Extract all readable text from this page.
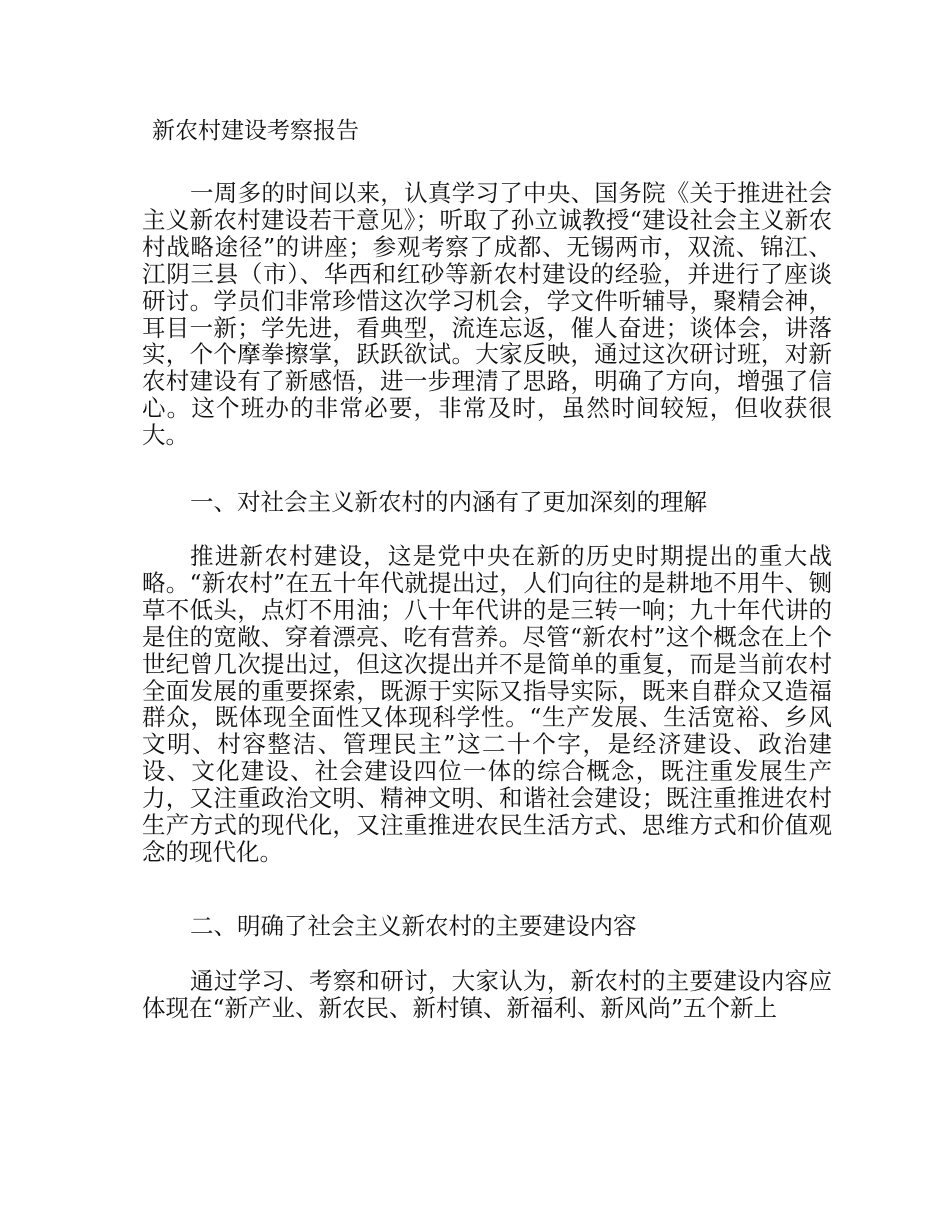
新农村建设考察报告

一周多的时间以来，认真学习了中央、国务院《关于推进社会主义新农村建设若干意见》；听取了孙立诚教授“建设社会主义新农村战略途径”的讲座；参观考察了成都、无锡两市，双流、锦江、江阴三县（市）、华西和红砂等新农村建设的经验，并进行了座谈研讨。学员们非常珍惜这次学习机会，学文件听辅导，聚精会神，耳目一新；学先进，看典型，流连忘返，催人奋进；谈体会，讲落实，个个摩拳擦掌，跃跃欲试。大家反映，通过这次研讨班，对新农村建设有了新感悟，进一步理清了思路，明确了方向，增强了信心。这个班办的非常必要，非常及时，虽然时间较短，但收获很大。

一、对社会主义新农村的内涵有了更加深刻的理解

推进新农村建设，这是党中央在新的历史时期提出的重大战略。“新农村”在五十年代就提出过，人们向往的是耕地不用牛、铡草不低头，点灯不用油；八十年代讲的是三转一响；九十年代讲的是住的宽敞、穿着漂亮、吃有营养。尽管“新农村”这个概念在上个世纪曾几次提出过，但这次提出并不是简单的重复，而是当前农村全面发展的重要探索，既源于实际又指导实际，既来自群众又造福群众，既体现全面性又体现科学性。“生产发展、生活宽裕、乡风文明、村容整洁、管理民主”这二十个字，是经济建设、政治建设、文化建设、社会建设四位一体的综合概念，既注重发展生产力，又注重政治文明、精神文明、和谐社会建设；既注重推进农村生产方式的现代化，又注重推进农民生活方式、思维方式和价值观念的现代化。

二、明确了社会主义新农村的主要建设内容

通过学习、考察和研讨，大家认为，新农村的主要建设内容应体现在“新产业、新农民、新村镇、新福利、新风尚”五个新上
